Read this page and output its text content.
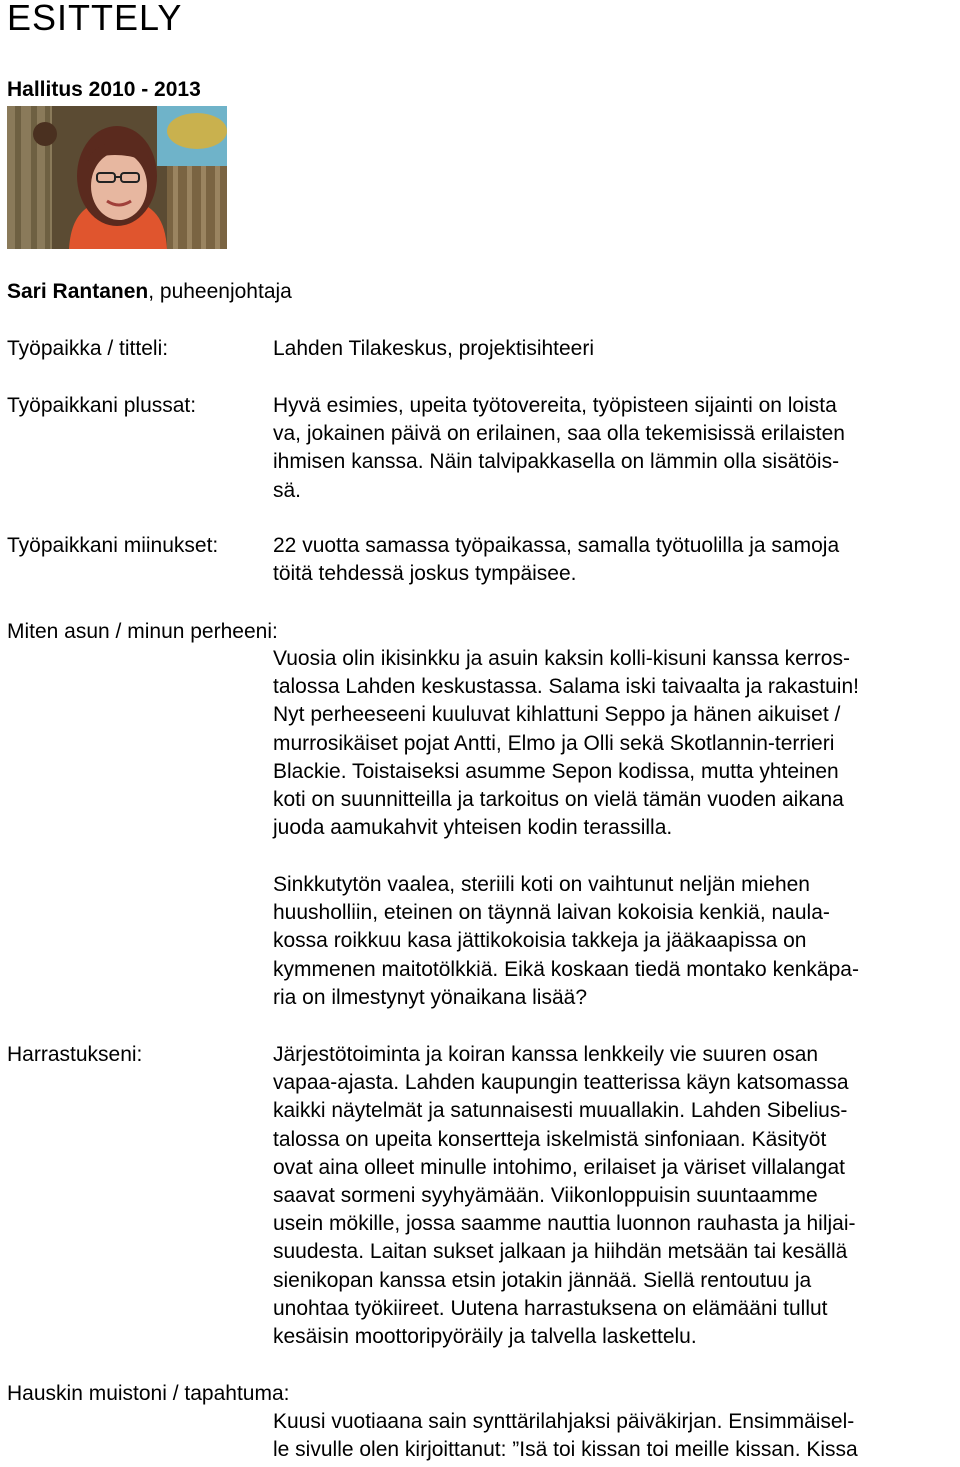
ESITTELY
Hallitus 2010 - 2013
Sari Rantanen, puheenjohtaja
Työpaikka / titteli:	Lahden Tilakeskus, projektisihteeri
Työpaikkani plussat:	Hyvä esimies, upeita työtovereita, työpisteen sijainti on loista
va, jokainen päivä on erilainen, saa olla tekemisissä erilaisten
ihmisen kanssa. Näin talvipakkasella on lämmin olla sisätöis-
sä.
Työpaikkani miinukset:	22 vuotta samassa työpaikassa, samalla työtuolilla ja samoja
töitä tehdessä joskus tympäisee.
Miten asun / minun perheeni:
Vuosia olin ikisinkku ja asuin kaksin kolli-kisuni kanssa kerros-
talossa Lahden keskustassa. Salama iski taivaalta ja rakastuin!
Nyt perheeseeni kuuluvat kihlattuni Seppo ja hänen aikuiset /
murrosikäiset pojat Antti, Elmo ja Olli sekä Skotlannin-terrieri
Blackie. Toistaiseksi asumme Sepon kodissa, mutta yhteinen
koti on suunnitteilla ja tarkoitus on vielä tämän vuoden aikana
juoda aamukahvit yhteisen kodin terassilla.
Sinkkutytön vaalea, steriili koti on vaihtunut neljän miehen
huusholliin, eteinen on täynnä laivan kokoisia kenkiä, naula-
kossa roikkuu kasa jättikokoisia takkeja ja jääkaapissa on
kymmenen maitotölkkiä. Eikä koskaan tiedä montako kenkäpa-
ria on ilmestynyt yönaikana lisää?
Harrastukseni:	Järjestötoiminta ja koiran kanssa lenkkeily vie suuren osan
vapaa-ajasta. Lahden kaupungin teatterissa käyn katsomassa
kaikki näytelmät ja satunnaisesti muuallakin. Lahden Sibelius-
talossa on upeita konsertteja iskelmistä sinfoniaan. Käsityöt
ovat aina olleet minulle intohimo, erilaiset ja väriset villalangat
saavat sormeni syyhyämään. Viikonloppuisin suuntaamme
usein mökille, jossa saamme nauttia luonnon rauhasta ja hiljai-
suudesta. Laitan sukset jalkaan ja hiihdän metsään tai kesällä
sienikopan kanssa etsin jotakin jännää. Siellä rentoutuu ja
unohtaa työkiireet. Uutena harrastuksena on elämääni tullut
kesäisin moottoripyöräily ja talvella laskettelu.
Hauskin muistoni / tapahtuma:
Kuusi vuotiaana sain synttärilahjaksi päiväkirjan. Ensimmäisel-
le sivulle olen kirjoittanut: ”Isä toi kissan toi meille kissan. Kissa
